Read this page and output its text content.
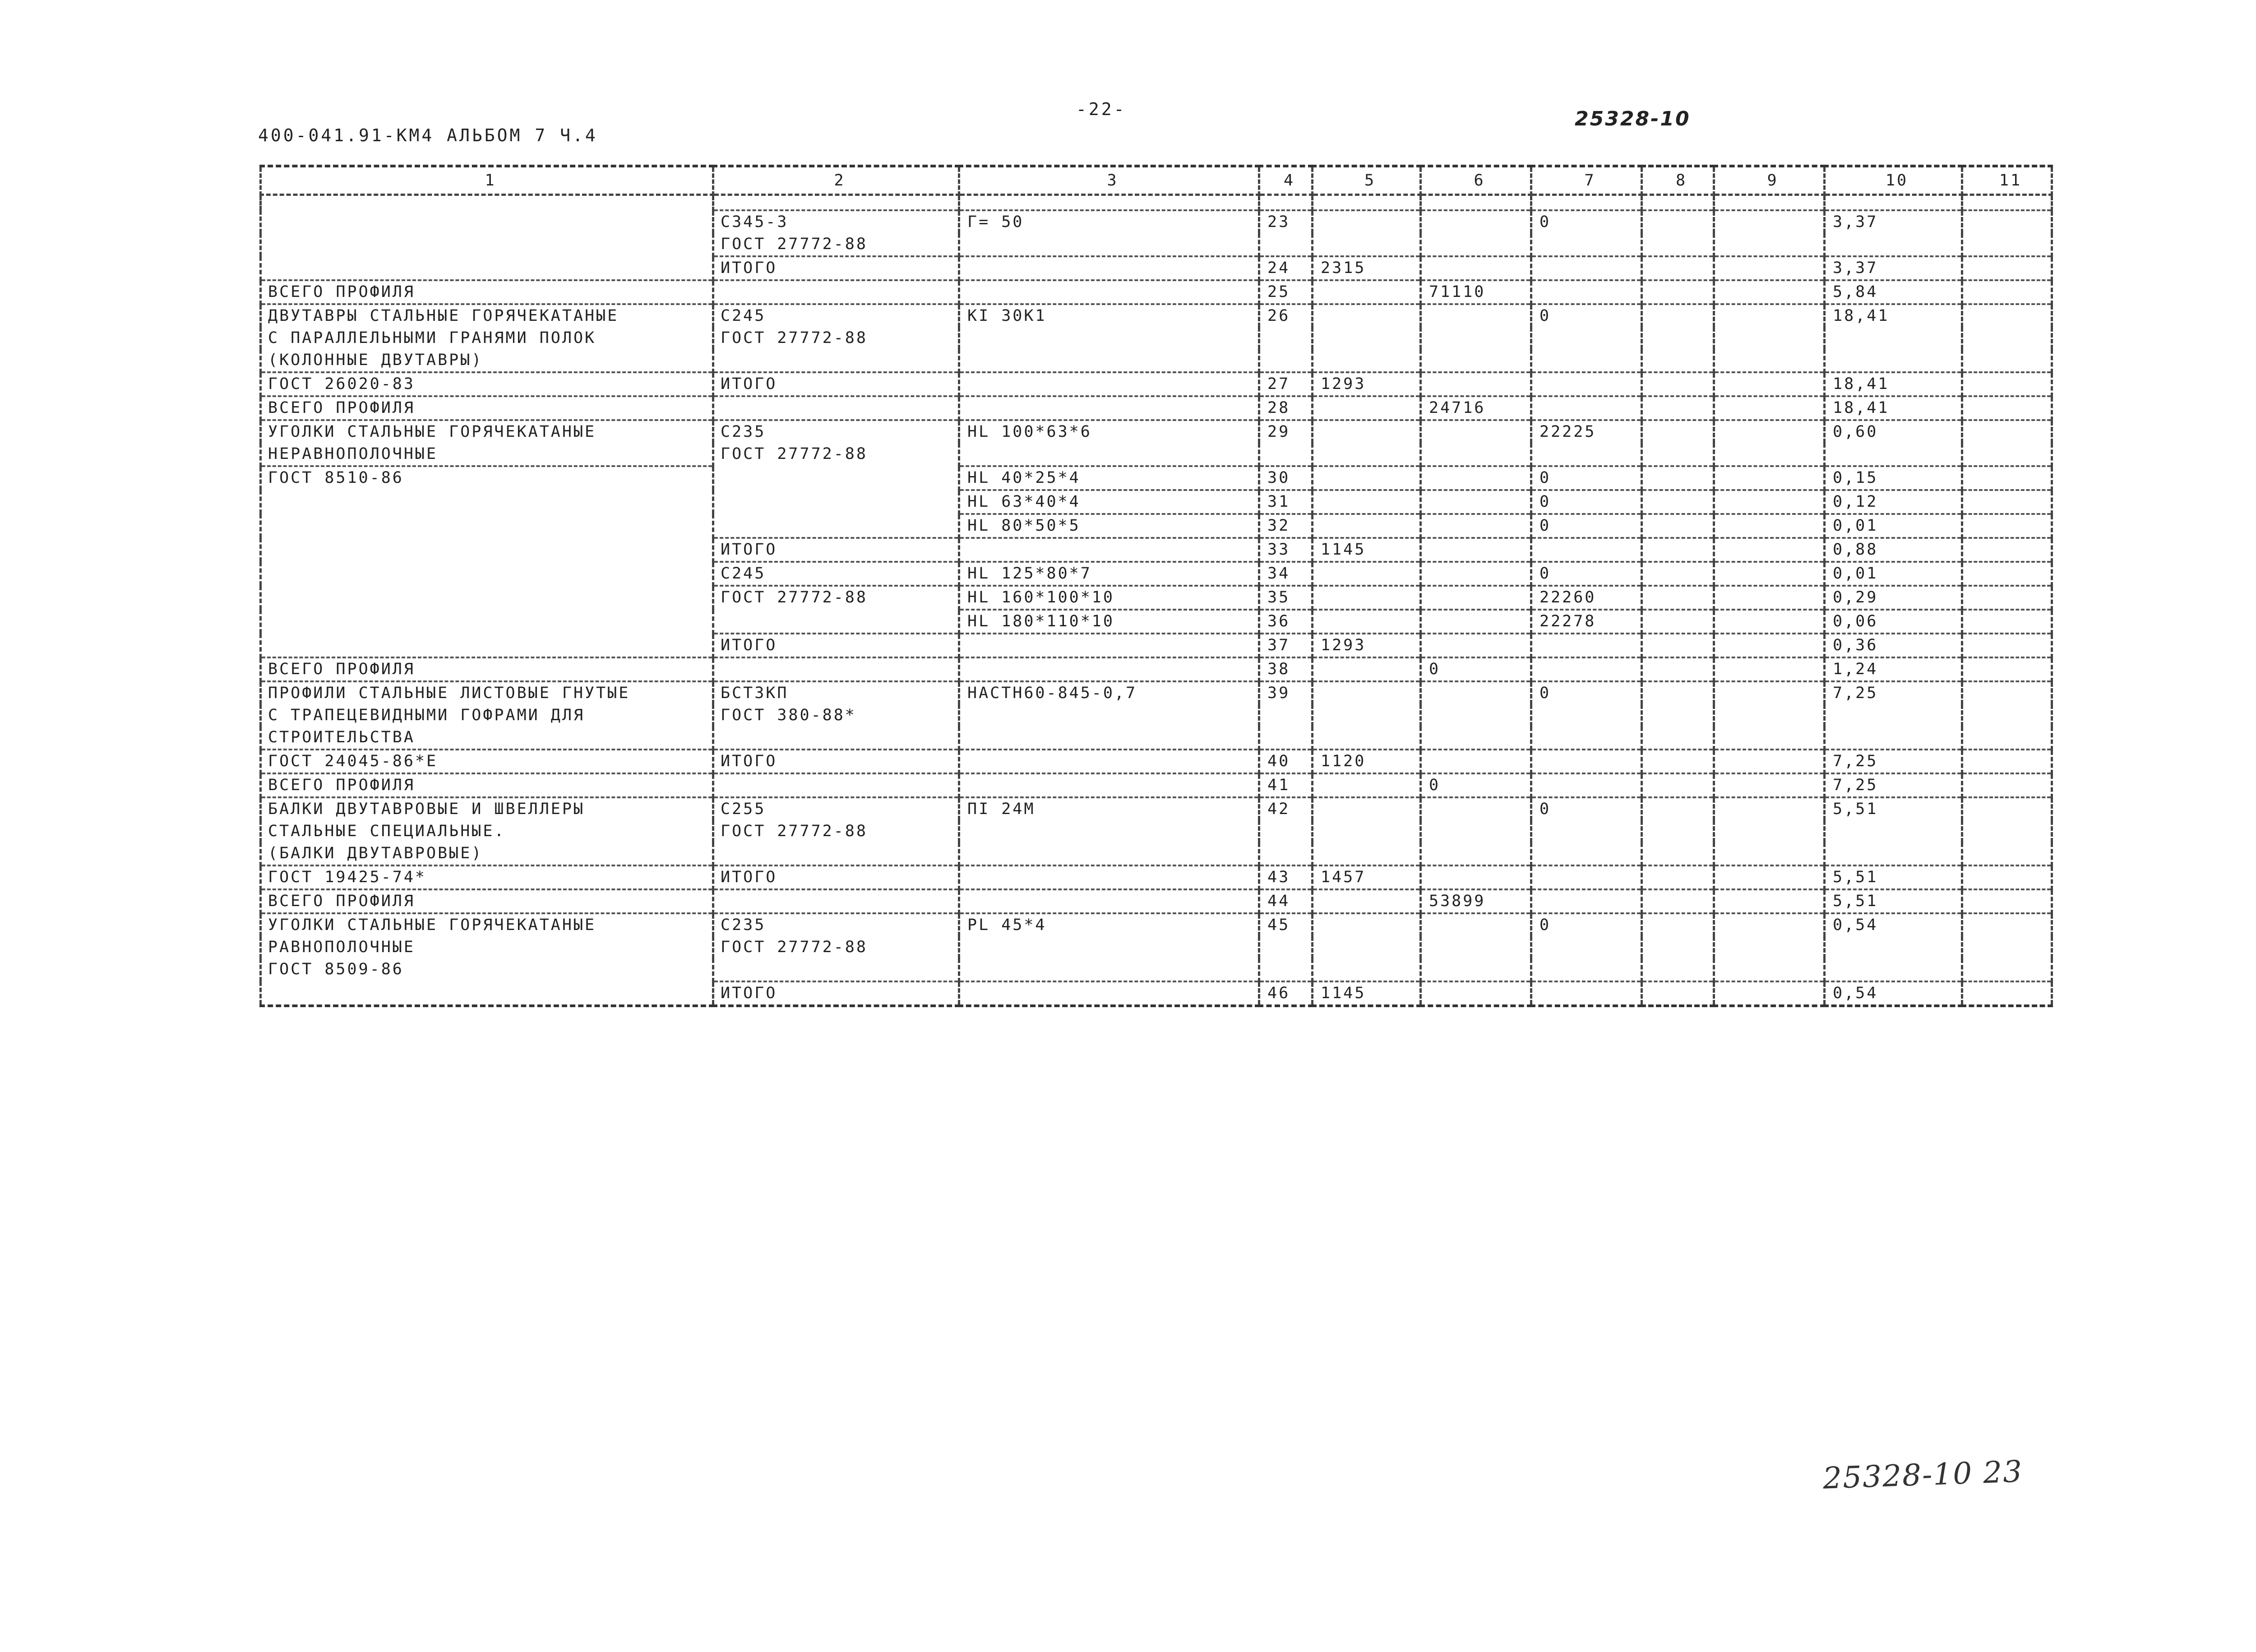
400-041.91-КМ4 АЛЬБОМ 7 Ч.4
-22-	25328-10
1	2	3	4	5	6	7	8	9	10	11

	С345-3	Г= 50	23			0			3,37	
	ГОСТ 27772-88									
	ИТОГО		24	2315					3,37	
ВСЕГО ПРОФИЛЯ			25		71110				5,84	
ДВУТАВРЫ СТАЛЬНЫЕ ГОРЯЧЕКАТАНЫЕ	С245	КI 30К1	26			0			18,41	
С ПАРАЛЛЕЛЬНЫМИ ГРАНЯМИ ПОЛОК	ГОСТ 27772-88									
(КОЛОННЫЕ ДВУТАВРЫ)										
ГОСТ 26020-83	ИТОГО		27	1293					18,41	
ВСЕГО ПРОФИЛЯ			28		24716				18,41	
УГОЛКИ СТАЛЬНЫЕ ГОРЯЧЕКАТАНЫЕ	С235	НL 100*63*6	29			22225			0,60	
НЕРАВНОПОЛОЧНЫЕ	ГОСТ 27772-88									
ГОСТ 8510-86		НL 40*25*4	30			0			0,15	
		НL 63*40*4	31			0			0,12	
		НL 80*50*5	32			0			0,01	
	ИТОГО		33	1145					0,88	
	С245	НL 125*80*7	34			0			0,01	
	ГОСТ 27772-88	НL 160*100*10	35			22260			0,29	
		НL 180*110*10	36			22278			0,06	
	ИТОГО		37	1293					0,36	
ВСЕГО ПРОФИЛЯ			38		0				1,24	
ПРОФИЛИ СТАЛЬНЫЕ ЛИСТОВЫЕ ГНУТЫЕ	БСТЗКП	НАСТН60-845-0,7	39			0			7,25	
С ТРАПЕЦЕВИДНЫМИ ГОФРАМИ ДЛЯ	ГОСТ 380-88*									
СТРОИТЕЛЬСТВА										
ГОСТ 24045-86*Е	ИТОГО		40	1120					7,25	
ВСЕГО ПРОФИЛЯ			41		0				7,25	
БАЛКИ ДВУТАВРОВЫЕ И ШВЕЛЛЕРЫ	С255	ПI 24М	42			0			5,51	
СТАЛЬНЫЕ СПЕЦИАЛЬНЫЕ.	ГОСТ 27772-88									
(БАЛКИ ДВУТАВРОВЫЕ)										
ГОСТ 19425-74*	ИТОГО		43	1457					5,51	
ВСЕГО ПРОФИЛЯ			44		53899				5,51	
УГОЛКИ СТАЛЬНЫЕ ГОРЯЧЕКАТАНЫЕ	С235	PL 45*4	45			0			0,54	
РАВНОПОЛОЧНЫЕ	ГОСТ 27772-88									
ГОСТ 8509-86										
	ИТОГО		46	1145					0,54	
25328-10 23
